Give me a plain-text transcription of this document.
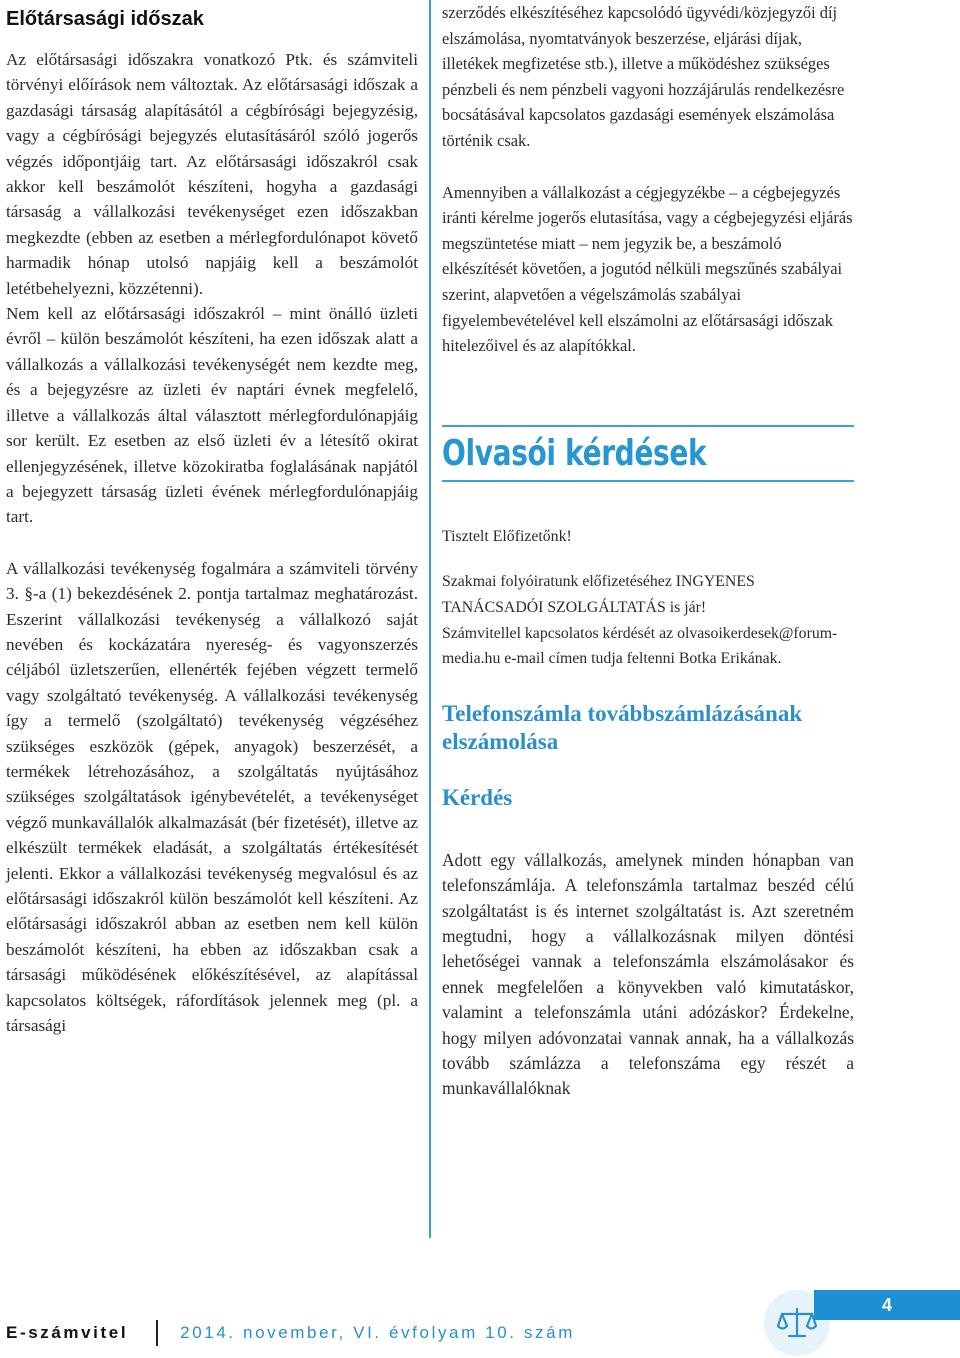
Előtársasági időszak

Az előtársasági időszakra vonatkozó Ptk. és számviteli törvényi előírások nem változtak. Az előtársasági időszak a gazdasági társaság alapításától a cégbírósági bejegyzésig, vagy a cégbírósági bejegyzés elutasításáról szóló jogerős végzés időpontjáig tart. Az előtársasági időszakról csak akkor kell beszámolót készíteni, hogyha a gazdasági társaság a vállalkozási tevékenységet ezen időszakban megkezdte (ebben az esetben a mérlegfordulónapot követő harmadik hónap utolsó napjáig kell a beszámolót letétbehelyezni, közzétenni).

Nem kell az előtársasági időszakról – mint önálló üzleti évről – külön beszámolót készíteni, ha ezen időszak alatt a vállalkozás a vállalkozási tevékenységét nem kezdte meg, és a bejegyzésre az üzleti év naptári évnek megfelelő, illetve a vállalkozás által választott mérlegfordulónapjáig sor került. Ez esetben az első üzleti év a létesítő okirat ellenjegyzésének, illetve közokiratba foglalásának napjától a bejegyzett társaság üzleti évének mérlegfordulónapjáig tart.

A vállalkozási tevékenység fogalmára a számviteli törvény 3. §-a (1) bekezdésének 2. pontja tartalmaz meghatározást. Eszerint vállalkozási tevékenység a vállalkozó saját nevében és kockázatára nyereség- és vagyonszerzés céljából üzletszerűen, ellenérték fejében végzett termelő vagy szolgáltató tevékenység. A vállalkozási tevékenység így a termelő (szolgáltató) tevékenység végzéséhez szükséges eszközök (gépek, anyagok) beszerzését, a termékek létrehozásához, a szolgáltatás nyújtásához szükséges szolgáltatások igénybevételét, a tevékenységet végző munkavállalók alkalmazását (bér fizetését), illetve az elkészült termékek eladását, a szolgáltatás értékesítését jelenti. Ekkor a vállalkozási tevékenység megvalósul és az előtársasági időszakról külön beszámolót kell készíteni. Az előtársasági időszakról abban az esetben nem kell külön beszámolót készíteni, ha ebben az időszakban csak a társasági működésének előkészítésével, az alapítással kapcsolatos költségek, ráfordítások jelennek meg (pl. a társasági

szerződés elkészítéséhez kapcsolódó ügyvédi/közjegyzői díj elszámolása, nyomtatványok beszerzése, eljárási díjak, illetékek megfizetése stb.), illetve a működéshez szükséges pénzbeli és nem pénzbeli vagyoni hozzájárulás rendelkezésre bocsátásával kapcsolatos gazdasági események elszámolása történik csak.

Amennyiben a vállalkozást a cégjegyzékbe – a cégbejegyzés iránti kérelme jogerős elutasítása, vagy a cégbejegyzési eljárás megszüntetése miatt – nem jegyzik be, a beszámoló elkészítését követően, a jogutód nélküli megszűnés szabályai szerint, alapvetően a végelszámolás szabályai figyelembevételével kell elszámolni az előtársasági időszak hitelezőivel és az alapítókkal.

Olvasói kérdések

Tisztelt Előfizetőnk!

Szakmai folyóiratunk előfizetéséhez INGYENES TANÁCSADÓI SZOLGÁLTATÁS is jár!

Számvitellel kapcsolatos kérdését az olvasoikerdesek@forum-media.hu e-mail címen tudja feltenni Botka Erikának.

Telefonszámla továbbszámlázásának elszámolása

Kérdés

Adott egy vállalkozás, amelynek minden hónapban van telefonszámlája. A telefonszámla tartalmaz beszéd célú szolgáltatást is és internet szolgáltatást is. Azt szeretném megtudni, hogy a vállalkozásnak milyen döntési lehetőségei vannak a telefonszámla elszámolásakor és ennek megfelelően a könyvekben való kimutatáskor, valamint a telefonszámla utáni adózáskor? Érdekelne, hogy milyen adóvonzatai vannak annak, ha a vállalkozás tovább számlázza a telefonszáma egy részét a munkavállalóknak

4
E-számvitel	2014. november, VI. évfolyam 10. szám
